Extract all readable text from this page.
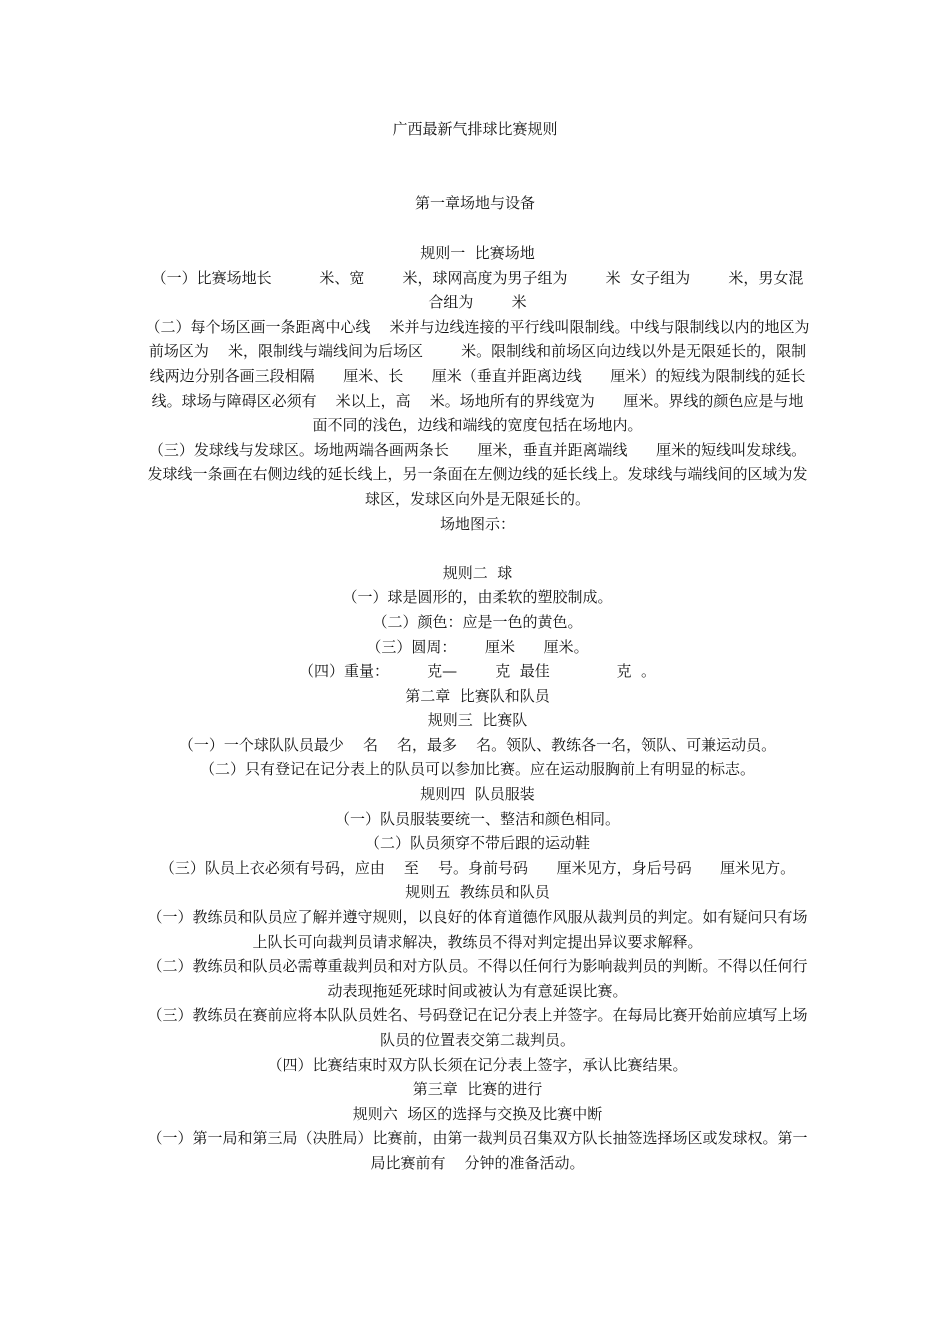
广西最新气排球比赛规则
第一章场地与设备

规则一  比赛场地

（一）比赛场地长          米、宽        米，球网高度为男子组为        米  女子组为        米，男女混合组为        米

（二）每个场区画一条距离中心线    米并与边线连接的平行线叫限制线。中线与限制线以内的地区为前场区为    米，限制线与端线间为后场区        米。限制线和前场区向边线以外是无限延长的，限制线两边分别各画三段相隔      厘米、长      厘米（垂直并距离边线      厘米）的短线为限制线的延长线。球场与障碍区必须有    米以上，高    米。场地所有的界线宽为      厘米。界线的颜色应是与地面不同的浅色，边线和端线的宽度包括在场地内。

（三）发球线与发球区。场地两端各画两条长      厘米，垂直并距离端线      厘米的短线叫发球线。发球线一条画在右侧边线的延长线上，另一条面在左侧边线的延长线上。发球线与端线间的区域为发球区，发球区向外是无限延长的。

场地图示：

规则二  球

（一）球是圆形的，由柔软的塑胶制成。

（二）颜色：应是一色的黄色。

（三）圆周：      厘米      厘米。

（四）重量：        克—        克  最佳              克  。

第二章  比赛队和队员

规则三  比赛队

（一）一个球队队员最少    名    名，最多    名。领队、教练各一名，领队、可兼运动员。

（二）只有登记在记分表上的队员可以参加比赛。应在运动服胸前上有明显的标志。

规则四  队员服装

（一）队员服装要统一、整洁和颜色相同。

（二）队员须穿不带后跟的运动鞋

（三）队员上衣必须有号码，应由    至    号。身前号码      厘米见方，身后号码      厘米见方。

规则五  教练员和队员

（一）教练员和队员应了解并遵守规则，以良好的体育道德作风服从裁判员的判定。如有疑问只有场上队长可向裁判员请求解决，教练员不得对判定提出异议要求解释。

（二）教练员和队员必需尊重裁判员和对方队员。不得以任何行为影响裁判员的判断。不得以任何行动表现拖延死球时间或被认为有意延误比赛。

（三）教练员在赛前应将本队队员姓名、号码登记在记分表上并签字。在每局比赛开始前应填写上场队员的位置表交第二裁判员。

（四）比赛结束时双方队长须在记分表上签字，承认比赛结果。

第三章  比赛的进行

规则六  场区的选择与交换及比赛中断

（一）第一局和第三局（决胜局）比赛前，由第一裁判员召集双方队长抽签选择场区或发球权。第一局比赛前有    分钟的准备活动。
